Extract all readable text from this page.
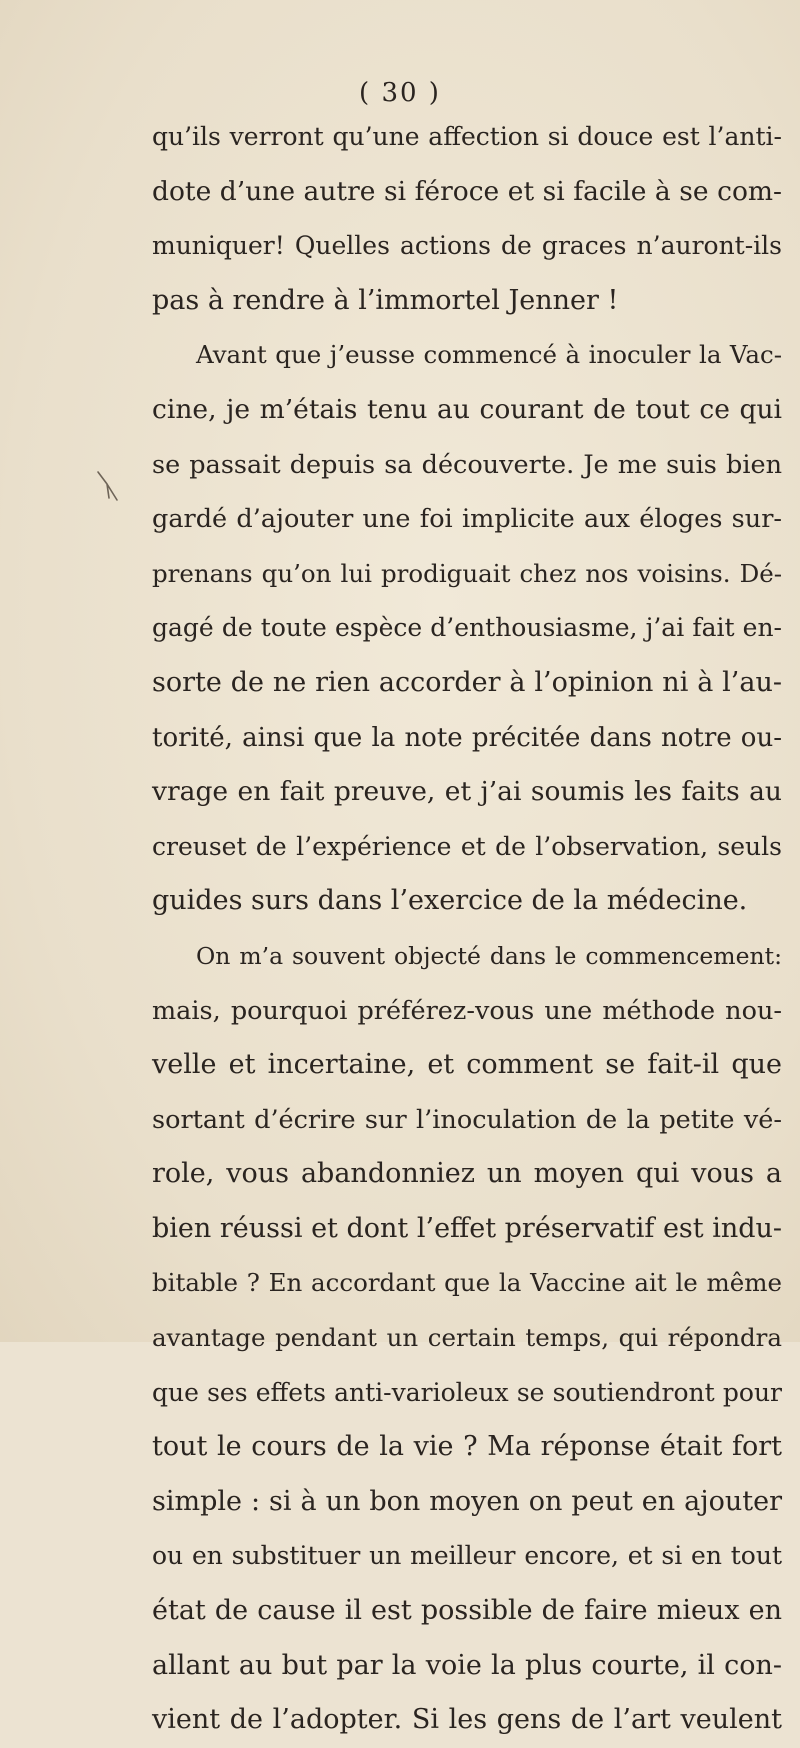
( 30 )
qu’ils verront qu’une affection si douce est l’anti-
dote d’une autre si féroce et si facile à se com-
muniquer! Quelles actions de graces n’auront-ils
pas à rendre à l’immortel Jenner !
Avant que j’eusse commencé à inoculer la Vac-
cine, je m’étais tenu au courant de tout ce qui
se passait depuis sa découverte. Je me suis bien
gardé d’ajouter une foi implicite aux éloges sur-
prenans qu’on lui prodiguait chez nos voisins. Dé-
gagé de toute espèce d’enthousiasme, j’ai fait en-
sorte de ne rien accorder à l’opinion ni à l’au-
torité, ainsi que la note précitée dans notre ou-
vrage en fait preuve, et j’ai soumis les faits au
creuset de l’expérience et de l’observation, seuls
guides surs dans l’exercice de la médecine.
On m’a souvent objecté dans le commencement:
mais, pourquoi préférez-vous une méthode nou-
velle et incertaine, et comment se fait-il que
sortant d’écrire sur l’inoculation de la petite vé-
role, vous abandonniez un moyen qui vous a
bien réussi et dont l’effet préservatif est indu-
bitable ? En accordant que la Vaccine ait le même
avantage pendant un certain temps, qui répondra
que ses effets anti-varioleux se soutiendront pour
tout le cours de la vie ? Ma réponse était fort
simple : si à un bon moyen on peut en ajouter
ou en substituer un meilleur encore, et si en tout
état de cause il est possible de faire mieux en
allant au but par la voie la plus courte, il con-
vient de l’adopter. Si les gens de l’art veulent
